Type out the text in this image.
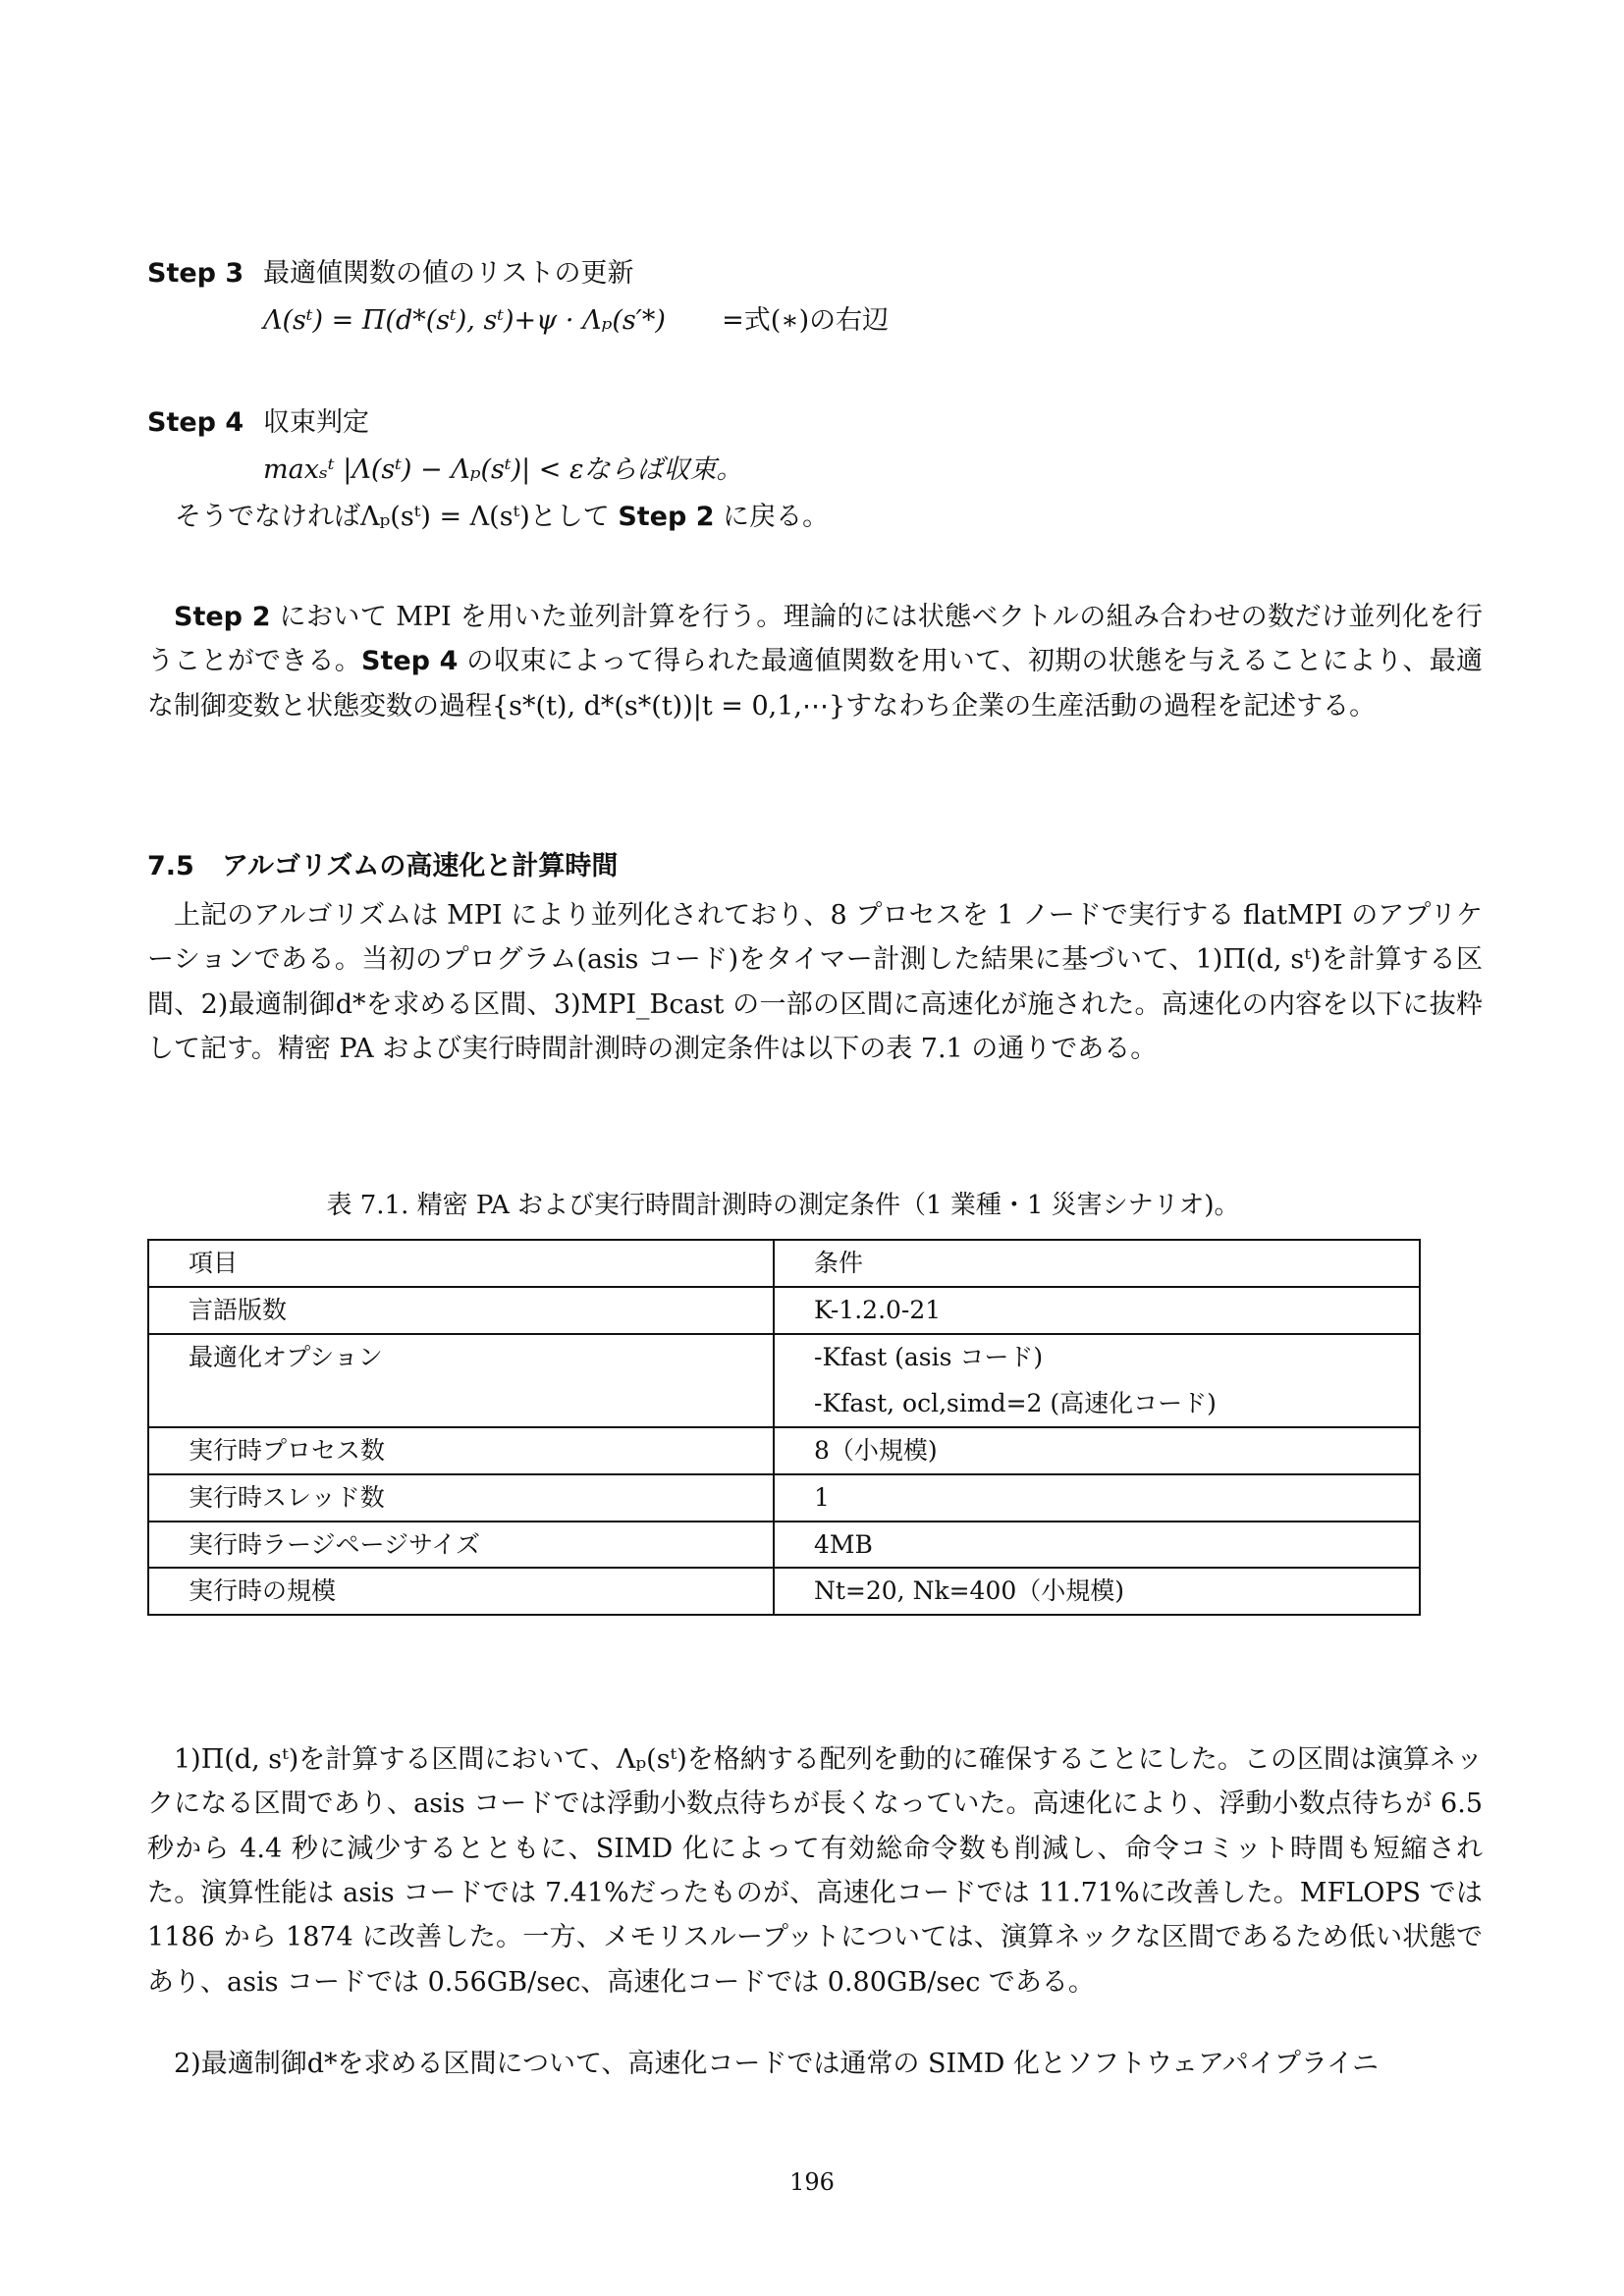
Step 3 最適値関数の値のリストの更新
Λ(sᵗ) = Π(d*(sᵗ), sᵗ)+ψ · Λₚ(s′*) =式(∗)の右辺
Step 4 収束判定
maxₛᵗ |Λ(sᵗ) − Λₚ(sᵗ)| < εならば収束。
そうでなければΛₚ(sᵗ) = Λ(sᵗ)として Step 2 に戻る。

Step 2 において MPI を用いた並列計算を行う。理論的には状態ベクトルの組み合わせの数だけ並列化を行うことができる。Step 4 の収束によって得られた最適値関数を用いて、初期の状態を与えることにより、最適な制御変数と状態変数の過程{s*(t), d*(s*(t))|t = 0,1,⋯}すなわち企業の生産活動の過程を記述する。

7.5 アルゴリズムの高速化と計算時間

上記のアルゴリズムは MPI により並列化されており、8 プロセスを 1 ノードで実行する flatMPI のアプリケーションである。当初のプログラム(asis コード)をタイマー計測した結果に基づいて、1)Π(d, sᵗ)を計算する区間、2)最適制御d*を求める区間、3)MPI_Bcast の一部の区間に高速化が施された。高速化の内容を以下に抜粋して記す。精密 PA および実行時間計測時の測定条件は以下の表 7.1 の通りである。

表 7.1. 精密 PA および実行時間計測時の測定条件（1 業種・1 災害シナリオ)。
項目	条件
言語版数	K-1.2.0-21
最適化オプション	-Kfast (asis コード)
-Kfast, ocl,simd=2 (高速化コード)

実行時プロセス数	8（小規模)
実行時スレッド数	1
実行時ラージページサイズ	4MB
実行時の規模	Nt=20, Nk=400（小規模)

1)Π(d, sᵗ)を計算する区間において、Λₚ(sᵗ)を格納する配列を動的に確保することにした。この区間は演算ネックになる区間であり、asis コードでは浮動小数点待ちが長くなっていた。高速化により、浮動小数点待ちが 6.5 秒から 4.4 秒に減少するとともに、SIMD 化によって有効総命令数も削減し、命令コミット時間も短縮された。演算性能は asis コードでは 7.41%だったものが、高速化コードでは 11.71%に改善した。MFLOPS では 1186 から 1874 に改善した。一方、メモリスループットについては、演算ネックな区間であるため低い状態であり、asis コードでは 0.56GB/sec、高速化コードでは 0.80GB/sec である。

2)最適制御d*を求める区間について、高速化コードでは通常の SIMD 化とソフトウェアパイプライニ

196
